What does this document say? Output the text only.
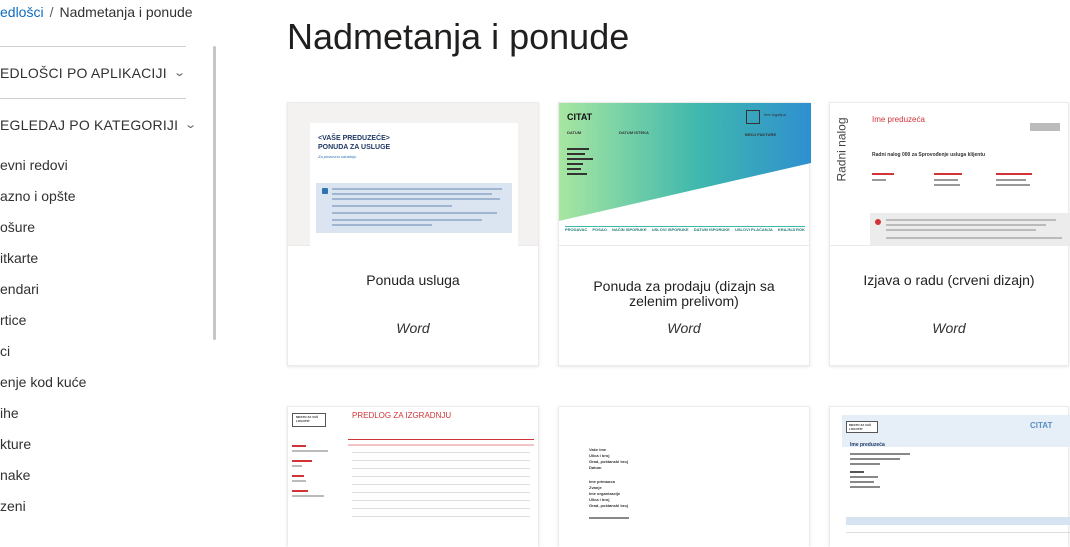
edlošci / Nadmetanja i ponude
EDLOŠCI PO APLIKACIJI ⌄
EGLEDAJ PO KATEGORIJI ⌄
evni redovi
azno i opšte
ošure
itkarte
endari
rtice
ci
enje kod kuće
ihe
kture
nake
zeni
Nadmetanja i ponude
<VAŠE PREDUZEĆE>
PONUDA ZA USLUGE
Za poslovnu saradnju
Ponuda usluga
Word
CITAT	Ime logotipa
DATUM	DATUM ISTEKA	BROJ FAKTURE
PRODAVAC POSAO NAČIN ISPORUKE USLOVI ISPORUKE DATUM ISPORUKE USLOVI PLAĆANJA KRAJNJI ROK
Ponuda za prodaju (dizajn sa zelenim prelivom)
Word
Radni nalog	Ime preduzeća
Radni nalog 000 za Sprovođenje usluga klijentu
Izjava o radu (crveni dizajn)
Word
MESTO ZA VAŠ LOGOTIP
PREDLOG ZA IZGRADNJU
Vaše ime
Ulica i broj
Grad, poštanski broj
Datum
Ime primaoca
Zvanje
Ime organizacije
Ulica i broj
Grad, poštanski broj
MESTO ZA VAŠ LOGOTIP	CITAT
Ime preduzeća
